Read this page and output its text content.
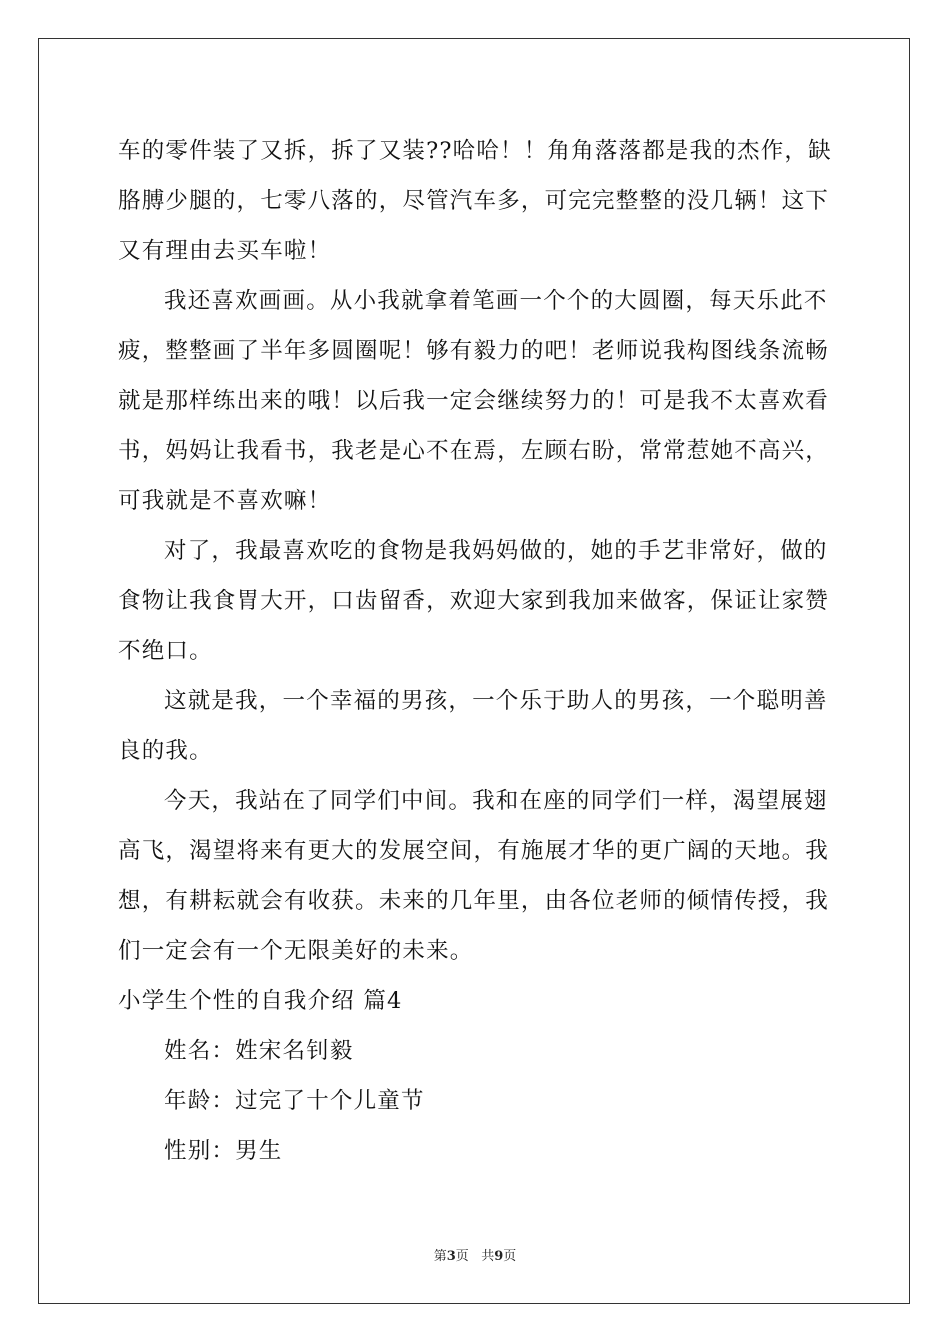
车的零件装了又拆，拆了又装??哈哈！！角角落落都是我的杰作，缺
胳膊少腿的，七零八落的，尽管汽车多，可完完整整的没几辆！这下
又有理由去买车啦！
我还喜欢画画。从小我就拿着笔画一个个的大圆圈，每天乐此不
疲，整整画了半年多圆圈呢！够有毅力的吧！老师说我构图线条流畅
就是那样练出来的哦！以后我一定会继续努力的！可是我不太喜欢看
书，妈妈让我看书，我老是心不在焉，左顾右盼，常常惹她不高兴，
可我就是不喜欢嘛！
对了，我最喜欢吃的食物是我妈妈做的，她的手艺非常好，做的
食物让我食胃大开，口齿留香，欢迎大家到我加来做客，保证让家赞
不绝口。
这就是我，一个幸福的男孩，一个乐于助人的男孩，一个聪明善
良的我。
今天，我站在了同学们中间。我和在座的同学们一样，渴望展翅
高飞，渴望将来有更大的发展空间，有施展才华的更广阔的天地。我
想，有耕耘就会有收获。未来的几年里，由各位老师的倾情传授，我
们一定会有一个无限美好的未来。
小学生个性的自我介绍 篇4
姓名：姓宋名钊毅
年龄：过完了十个儿童节
性别：男生
第3页 共9页
